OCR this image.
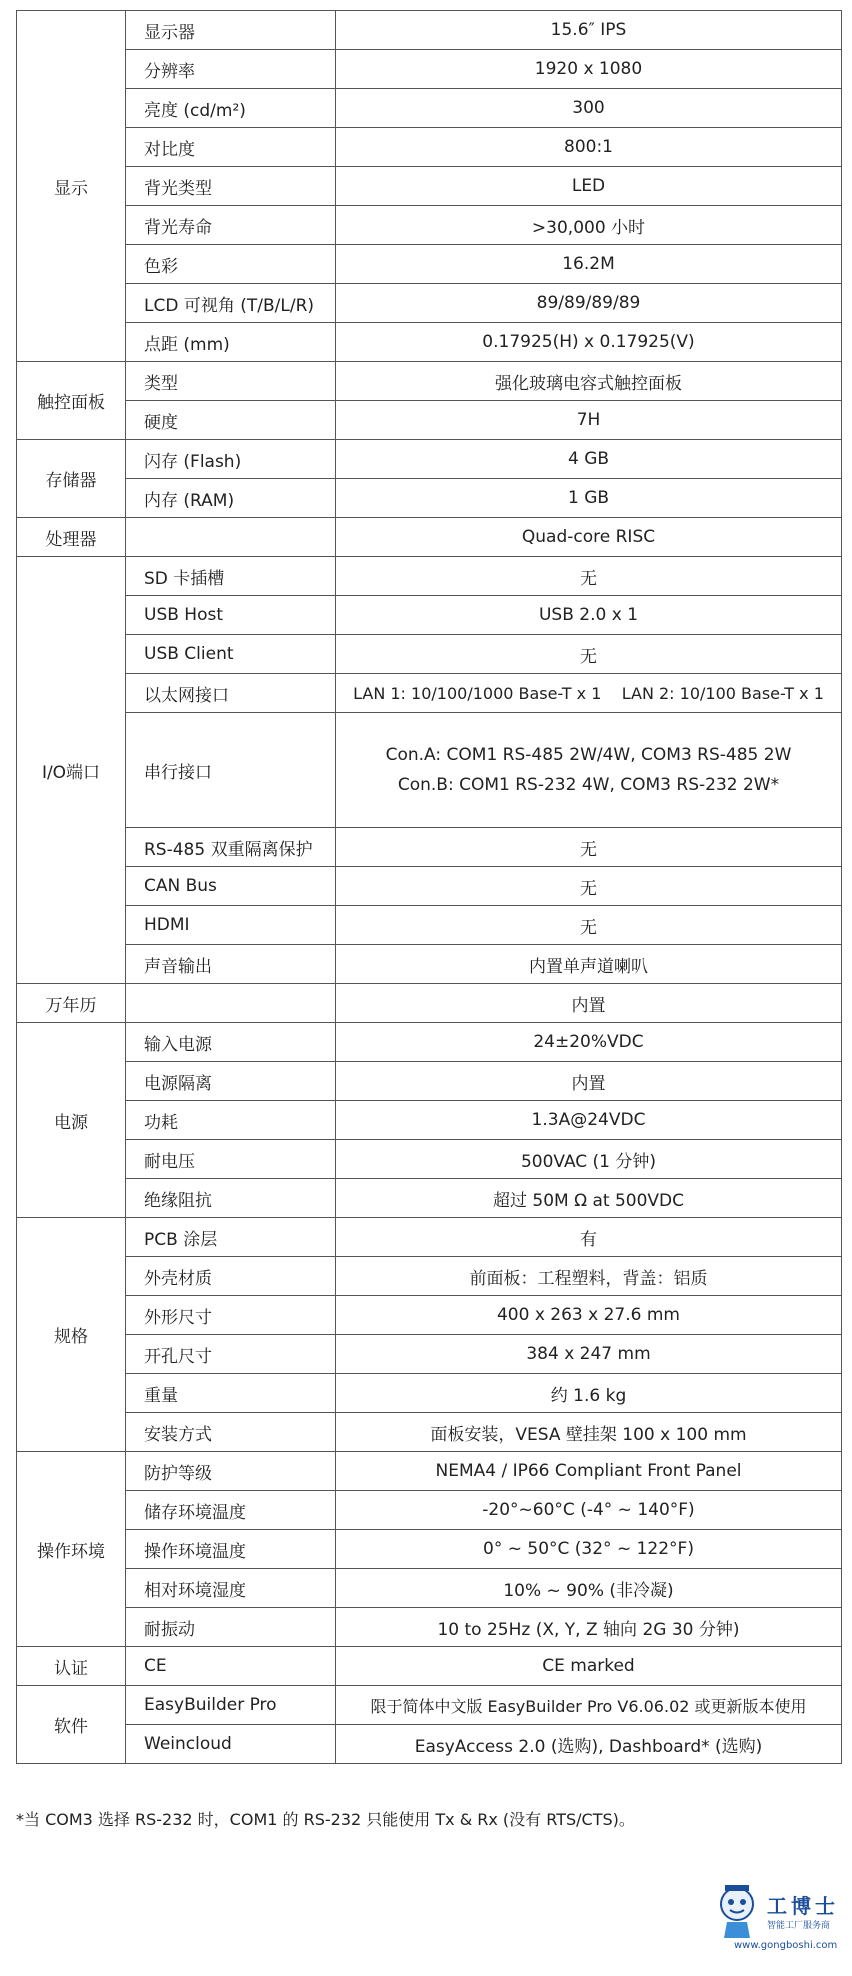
显示	显示器	15.6″ IPS
	分辨率	1920 x 1080
	亮度 (cd/m²)	300
	对比度	800:1
	背光类型	LED
	背光寿命	>30,000 小时
	色彩	16.2M
	LCD 可视角 (T/B/L/R)	89/89/89/89
	点距 (mm)	0.17925(H) x 0.17925(V)
触控面板	类型	强化玻璃电容式触控面板
	硬度	7H
存储器	闪存 (Flash)	4 GB
	内存 (RAM)	1 GB
处理器		Quad-core RISC
I/O端口	SD 卡插槽	无
	USB Host	USB 2.0 x 1
	USB Client	无
	以太网接口	LAN 1: 10/100/1000 Base-T x 1    LAN 2: 10/100 Base-T x 1
	串行接口	Con.A: COM1 RS-485 2W/4W, COM3 RS-485 2W
Con.B: COM1 RS-232 4W, COM3 RS-232 2W*

	RS-485 双重隔离保护	无
	CAN Bus	无
	HDMI	无
	声音输出	内置单声道喇叭
万年历		内置
电源	输入电源	24±20%VDC
	电源隔离	内置
	功耗	1.3A@24VDC
	耐电压	500VAC (1 分钟)
	绝缘阻抗	超过 50M Ω at 500VDC
规格	PCB 涂层	有
	外壳材质	前面板：工程塑料，背盖：铝质
	外形尺寸	400 x 263 x 27.6 mm
	开孔尺寸	384 x 247 mm
	重量	约 1.6 kg
	安装方式	面板安装，VESA 壁挂架 100 x 100 mm
操作环境	防护等级	NEMA4 / IP66 Compliant Front Panel
	储存环境温度	-20°~60°C (-4° ~ 140°F)
	操作环境温度	0° ~ 50°C (32° ~ 122°F)
	相对环境湿度	10% ~ 90% (非冷凝)
	耐振动	10 to 25Hz (X, Y, Z 轴向 2G 30 分钟)
认证	CE	CE marked
软件	EasyBuilder Pro	限于简体中文版 EasyBuilder Pro V6.06.02 或更新版本使用
	Weincloud	EasyAccess 2.0 (选购), Dashboard* (选购)
*当 COM3 选择 RS-232 时，COM1 的 RS-232 只能使用 Tx & Rx (没有 RTS/CTS)。
工博士
智能工厂服务商
www.gongboshi.com
